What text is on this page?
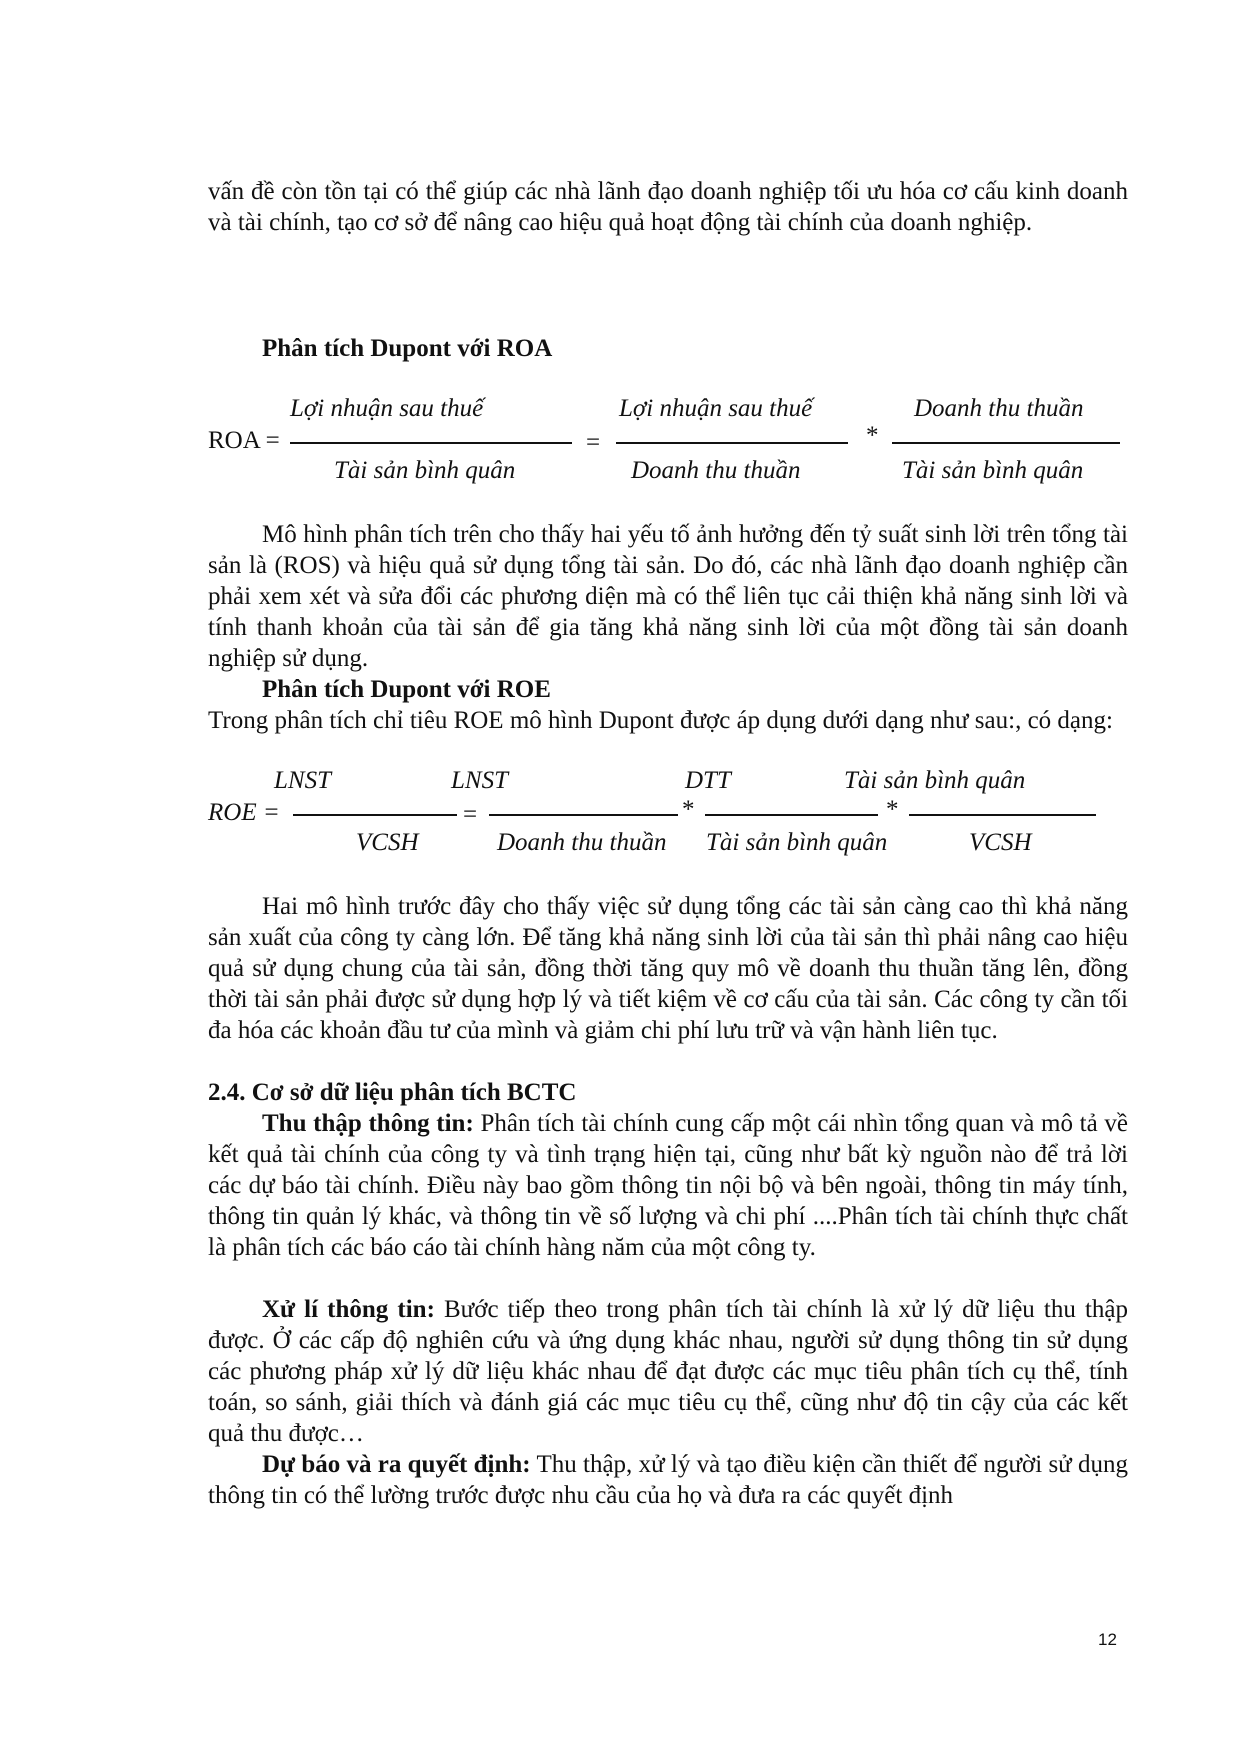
vấn đề còn tồn tại có thể giúp các nhà lãnh đạo doanh nghiệp tối ưu hóa cơ cấu kinh doanh và tài chính, tạo cơ sở để nâng cao hiệu quả hoạt động tài chính của doanh nghiệp.

Phân tích Dupont với ROA
ROA =
Lợi nhuận sau thuế
Tài sản bình quân
=
Lợi nhuận sau thuế
Doanh thu thuần
*
Doanh thu thuần
Tài sản bình quân

Mô hình phân tích trên cho thấy hai yếu tố ảnh hưởng đến tỷ suất sinh lời trên tổng tài sản là (ROS) và hiệu quả sử dụng tổng tài sản. Do đó, các nhà lãnh đạo doanh nghiệp cần phải xem xét và sửa đổi các phương diện mà có thể liên tục cải thiện khả năng sinh lời và tính thanh khoản của tài sản để gia tăng khả năng sinh lời của một đồng tài sản doanh nghiệp sử dụng.

Phân tích Dupont với ROE

Trong phân tích chỉ tiêu ROE mô hình Dupont được áp dụng dưới dạng như sau:, có dạng:

ROE =
LNST
VCSH
=
LNST
Doanh thu thuần
*
DTT
Tài sản bình quân
*
Tài sản bình quân
VCSH

Hai mô hình trước đây cho thấy việc sử dụng tổng các tài sản càng cao thì khả năng sản xuất của công ty càng lớn. Để tăng khả năng sinh lời của tài sản thì phải nâng cao hiệu quả sử dụng chung của tài sản, đồng thời tăng quy mô về doanh thu thuần tăng lên, đồng thời tài sản phải được sử dụng hợp lý và tiết kiệm về cơ cấu của tài sản. Các công ty cần tối đa hóa các khoản đầu tư của mình và giảm chi phí lưu trữ và vận hành liên tục.

2.4. Cơ sở dữ liệu phân tích BCTC

Thu thập thông tin: Phân tích tài chính cung cấp một cái nhìn tổng quan và mô tả về kết quả tài chính của công ty và tình trạng hiện tại, cũng như bất kỳ nguồn nào để trả lời các dự báo tài chính. Điều này bao gồm thông tin nội bộ và bên ngoài, thông tin máy tính, thông tin quản lý khác, và thông tin về số lượng và chi phí ....Phân tích tài chính thực chất là phân tích các báo cáo tài chính hàng năm của một công ty.

Xử lí thông tin: Bước tiếp theo trong phân tích tài chính là xử lý dữ liệu thu thập được. Ở các cấp độ nghiên cứu và ứng dụng khác nhau, người sử dụng thông tin sử dụng các phương pháp xử lý dữ liệu khác nhau để đạt được các mục tiêu phân tích cụ thể, tính toán, so sánh, giải thích và đánh giá các mục tiêu cụ thể, cũng như độ tin cậy của các kết quả thu được…

Dự báo và ra quyết định: Thu thập, xử lý và tạo điều kiện cần thiết để người sử dụng thông tin có thể lường trước được nhu cầu của họ và đưa ra các quyết định

12
